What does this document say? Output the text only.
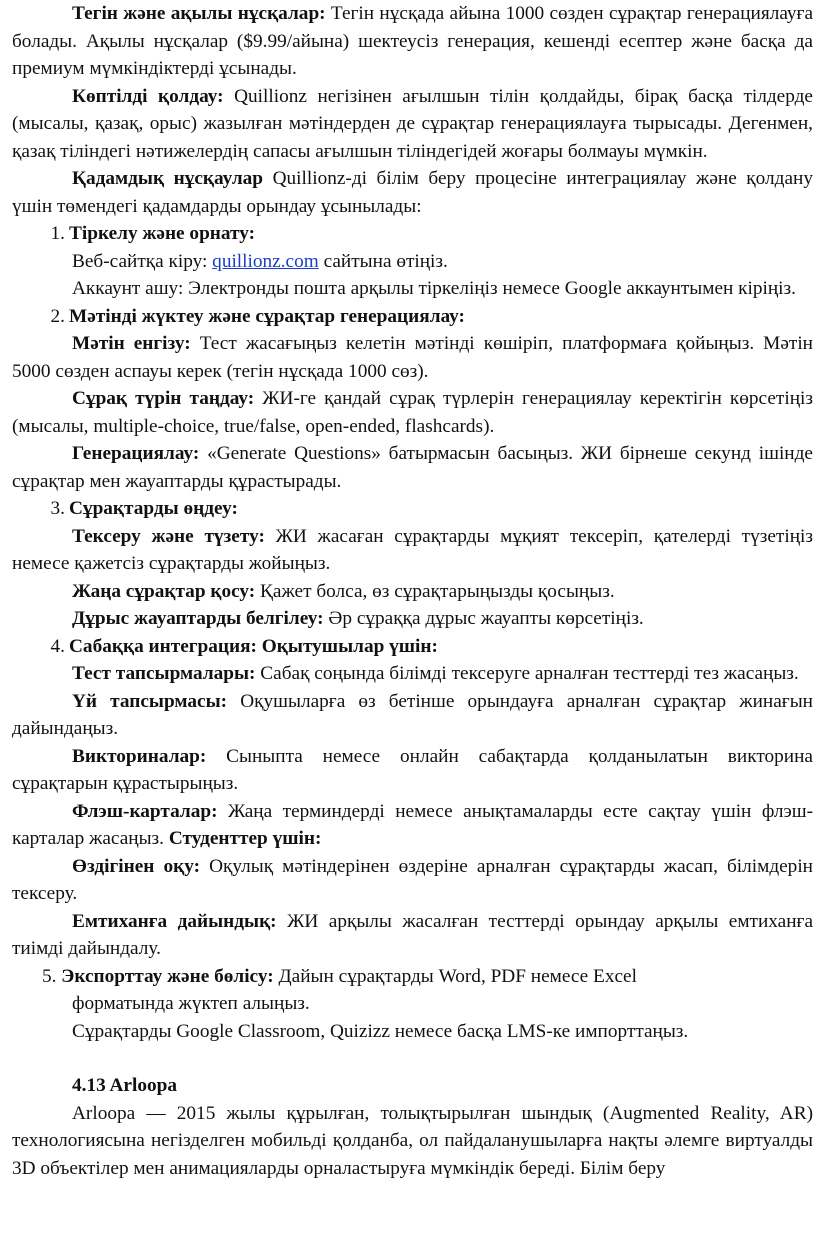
Тегін және ақылы нұсқалар: Тегін нұсқада айына 1000 сөзден сұрақтар генерациялауға болады. Ақылы нұсқалар ($9.99/айына) шектеусіз генерация, кешенді есептер және басқа да премиум мүмкіндіктерді ұсынады.

Көптілді қолдау: Quillionz негізінен ағылшын тілін қолдайды, бірақ басқа тілдерде (мысалы, қазақ, орыс) жазылған мәтіндерден де сұрақтар генерациялауға тырысады. Дегенмен, қазақ тіліндегі нәтижелердің сапасы ағылшын тіліндегідей жоғары болмауы мүмкін.

Қадамдық нұсқаулар Quillionz-ді білім беру процесіне интеграциялау және қолдану үшін төмендегі қадамдарды орындау ұсынылады:

1. Тіркелу және орнату:

Веб-сайтқа кіру: quillionz.com сайтына өтіңіз.

Аккаунт ашу: Электронды пошта арқылы тіркеліңіз немесе Google аккаунтымен кіріңіз.

2. Мәтінді жүктеу және сұрақтар генерациялау:

Мәтін енгізу: Тест жасағыңыз келетін мәтінді көшіріп, платформаға қойыңыз. Мәтін 5000 сөзден аспауы керек (тегін нұсқада 1000 сөз).

Сұрақ түрін таңдау: ЖИ-ге қандай сұрақ түрлерін генерациялау керектігін көрсетіңіз (мысалы, multiple-choice, true/false, open-ended, flashcards).

Генерациялау: «Generate Questions» батырмасын басыңыз. ЖИ бірнеше секунд ішінде сұрақтар мен жауаптарды құрастырады.

3. Сұрақтарды өңдеу:

Тексеру және түзету: ЖИ жасаған сұрақтарды мұқият тексеріп, қателерді түзетіңіз немесе қажетсіз сұрақтарды жойыңыз.

Жаңа сұрақтар қосу: Қажет болса, өз сұрақтарыңызды қосыңыз.

Дұрыс жауаптарды белгілеу: Әр сұраққа дұрыс жауапты көрсетіңіз.

4. Сабаққа интеграция: Оқытушылар үшін:

Тест тапсырмалары: Сабақ соңында білімді тексеруге арналған тесттерді тез жасаңыз.

Үй тапсырмасы: Оқушыларға өз бетінше орындауға арналған сұрақтар жинағын дайындаңыз.

Викториналар: Сыныпта немесе онлайн сабақтарда қолданылатын викторина сұрақтарын құрастырыңыз.

Флэш-карталар: Жаңа терминдерді немесе анықтамаларды есте сақтау үшін флэш-карталар жасаңыз. Студенттер үшін:

Өздігінен оқу: Оқулық мәтіндерінен өздеріне арналған сұрақтарды жасап, білімдерін тексеру.

Емтиханға дайындық: ЖИ арқылы жасалған тесттерді орындау арқылы емтиханға тиімді дайындалу.

5. Экспорттау және бөлісу: Дайын сұрақтарды Word, PDF немесе Excel
форматында жүктеп алыңыз.

Сұрақтарды Google Classroom, Quizizz немесе басқа LMS-ке импорттаңыз.

4.13 Arloopa

Arloopa — 2015 жылы құрылған, толықтырылған шындық (Augmented Reality, AR) технологиясына негізделген мобильді қолданба, ол пайдаланушыларға нақты әлемге виртуалды 3D объектілер мен анимацияларды орналастыруға мүмкіндік береді. Білім беру
